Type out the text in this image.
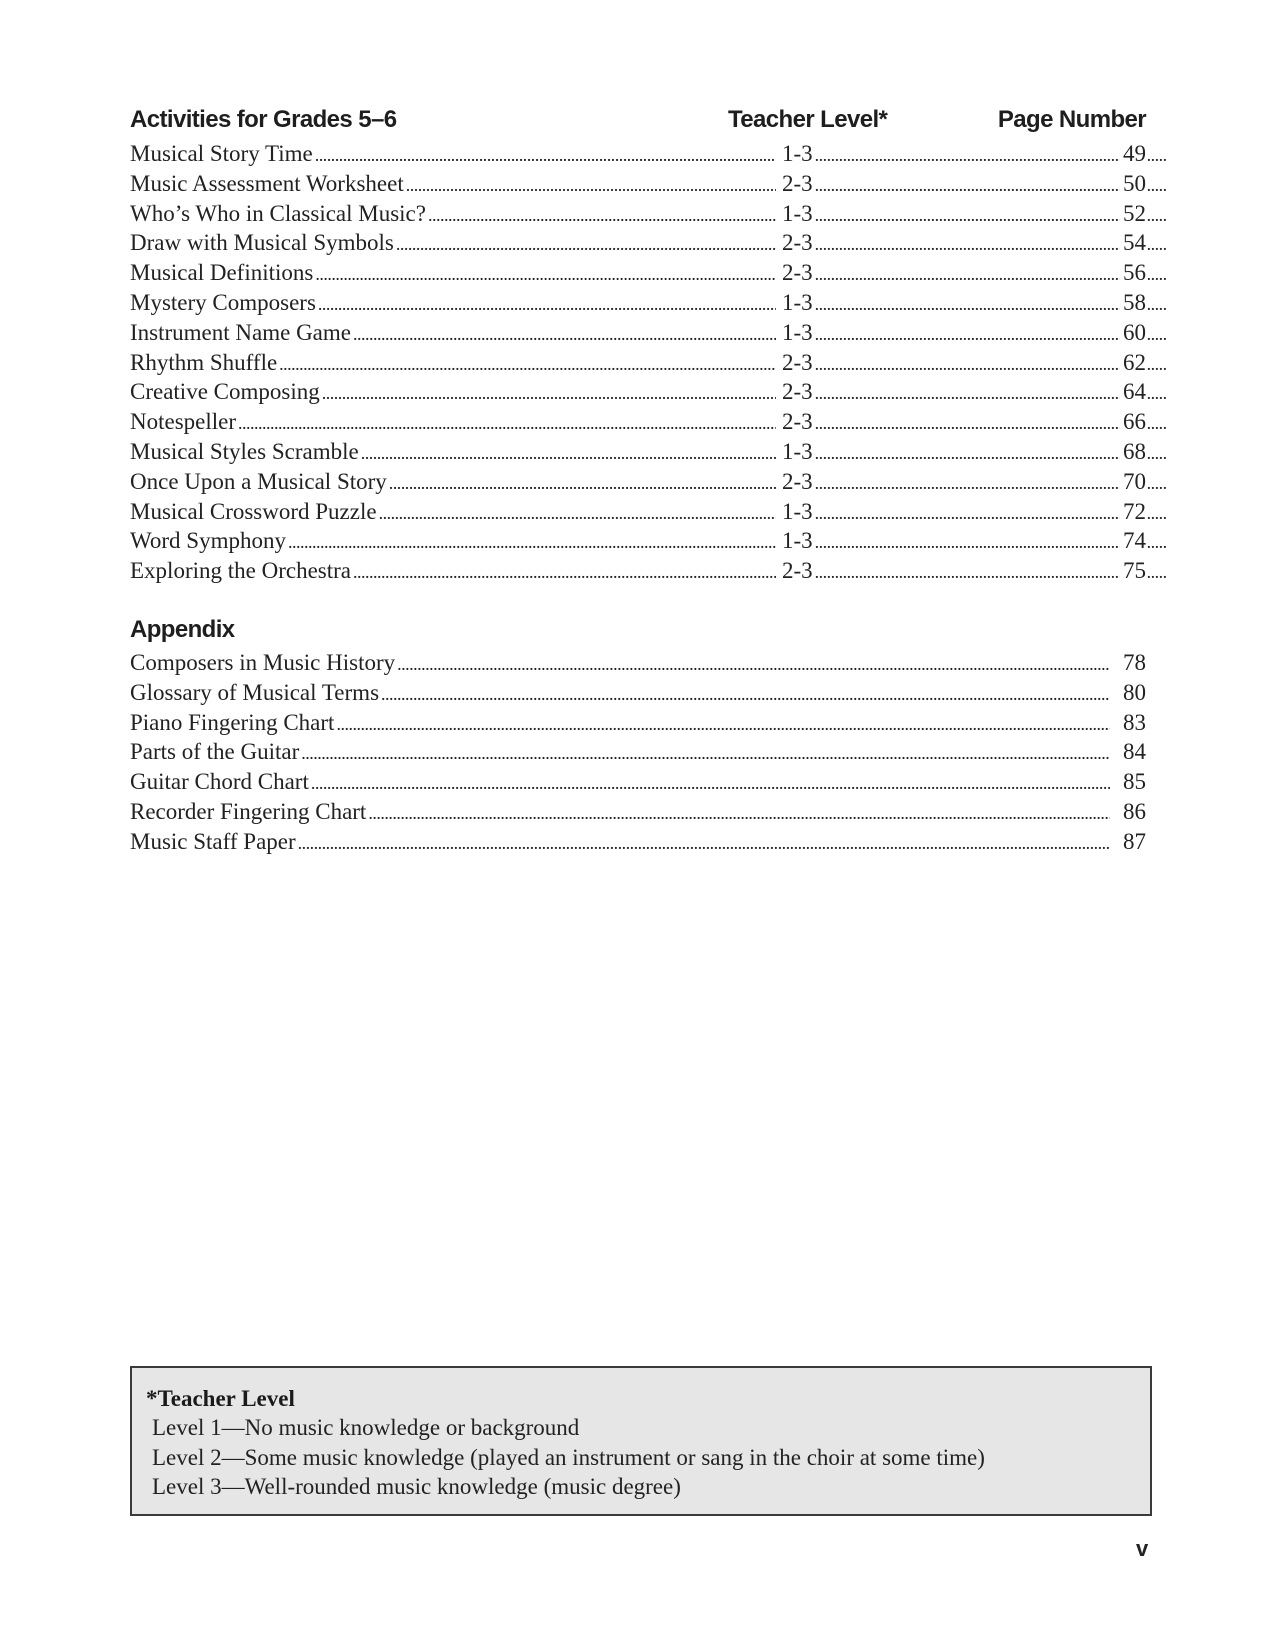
Activities for Grades 5–6	Teacher Level*	Page Number
Musical Story Time . . .	1-3 . . .	49
Music Assessment Worksheet . . .	2-3 . . .	50
Who’s Who in Classical Music? . . .	1-3 . . .	52
Draw with Musical Symbols . . .	2-3 . . .	54
Musical Definitions . . .	2-3 . . .	56
Mystery Composers . . .	1-3 . . .	58
Instrument Name Game . . .	1-3 . . .	60
Rhythm Shuffle . . .	2-3 . . .	62
Creative Composing . . .	2-3 . . .	64
Notespeller . . .	2-3 . . .	66
Musical Styles Scramble . . .	1-3 . . .	68
Once Upon a Musical Story . . .	2-3 . . .	70
Musical Crossword Puzzle . . .	1-3 . . .	72
Word Symphony . . .	1-3 . . .	74
Exploring the Orchestra . . .	2-3 . . .	75
Appendix
Composers in Music History . . .	78
Glossary of Musical Terms . . .	80
Piano Fingering Chart . . .	83
Parts of the Guitar . . .	84
Guitar Chord Chart . . .	85
Recorder Fingering Chart . . .	86
Music Staff Paper . . .	87
*Teacher Level
Level 1—No music knowledge or background
Level 2—Some music knowledge (played an instrument or sang in the choir at some time)
Level 3—Well-rounded music knowledge (music degree)
v
